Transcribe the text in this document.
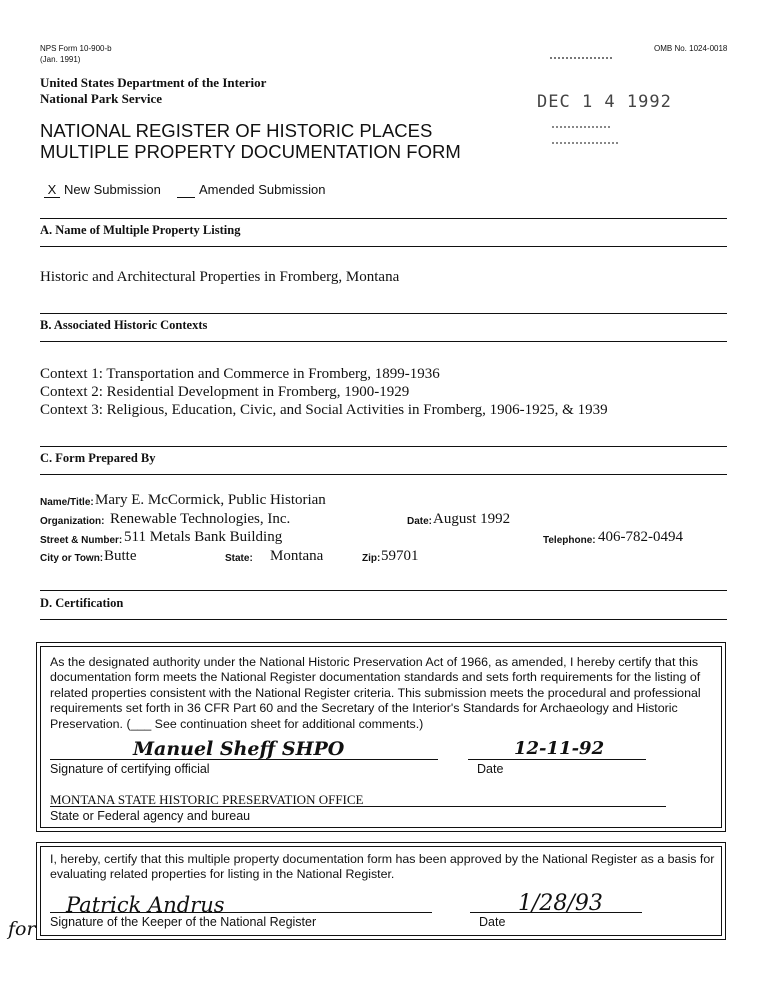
NPS Form 10-900-b
(Jan. 1991)
OMB No. 1024-0018
United States Department of the Interior
National Park Service
NATIONAL REGISTER OF HISTORIC PLACES
MULTIPLE PROPERTY DOCUMENTATION FORM
DEC 1 4 1992
X New Submission	Amended Submission
A. Name of Multiple Property Listing
Historic and Architectural Properties in Fromberg, Montana
B. Associated Historic Contexts
Context 1: Transportation and Commerce in Fromberg, 1899-1936
Context 2: Residential Development in Fromberg, 1900-1929
Context 3: Religious, Education, Civic, and Social Activities in Fromberg, 1906-1925, & 1939
C. Form Prepared By
Name/Title: Mary E. McCormick, Public Historian
Organization: Renewable Technologies, Inc.	Date: August 1992
Street & Number: 511 Metals Bank Building	Telephone: 406-782-0494
City or Town: Butte	State: Montana	Zip: 59701
D. Certification
As the designated authority under the National Historic Preservation Act of 1966, as amended, I hereby certify that this documentation form meets the National Register documentation standards and sets forth requirements for the listing of related properties consistent with the National Register criteria. This submission meets the procedural and professional requirements set forth in 36 CFR Part 60 and the Secretary of the Interior's Standards for Archaeology and Historic Preservation. (___ See continuation sheet for additional comments.)
Manuel Sheff SHPO	12-11-92
Signature of certifying official	Date
MONTANA STATE HISTORIC PRESERVATION OFFICE
State or Federal agency and bureau
I, hereby, certify that this multiple property documentation form has been approved by the National Register as a basis for evaluating related properties for listing in the National Register.
for
Patrick Andrus	1/28/93
Signature of the Keeper of the National Register	Date
